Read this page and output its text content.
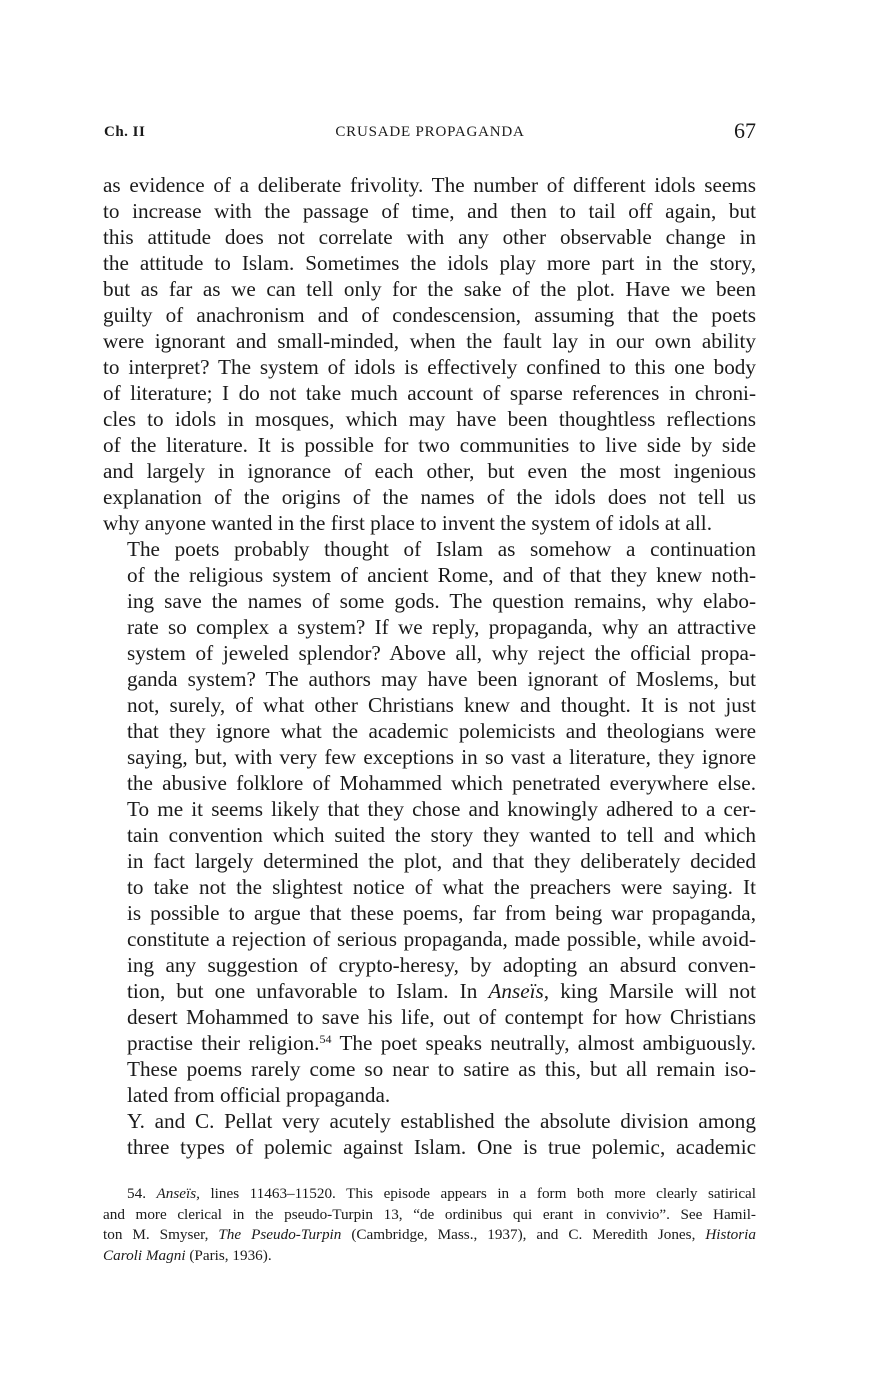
Ch. II	CRUSADE PROPAGANDA	67

as evidence of a deliberate frivolity. The number of different idols seems
to increase with the passage of time, and then to tail off again, but
this attitude does not correlate with any other observable change in
the attitude to Islam. Sometimes the idols play more part in the story,
but as far as we can tell only for the sake of the plot. Have we been
guilty of anachronism and of condescension, assuming that the poets
were ignorant and small-minded, when the fault lay in our own ability
to interpret? The system of idols is effectively confined to this one body
of literature; I do not take much account of sparse references in chroni-
cles to idols in mosques, which may have been thoughtless reflections
of the literature. It is possible for two communities to live side by side
and largely in ignorance of each other, but even the most ingenious
explanation of the origins of the names of the idols does not tell us
why anyone wanted in the first place to invent the system of idols at all.

The poets probably thought of Islam as somehow a continuation
of the religious system of ancient Rome, and of that they knew noth-
ing save the names of some gods. The question remains, why elabo-
rate so complex a system? If we reply, propaganda, why an attractive
system of jeweled splendor? Above all, why reject the official propa-
ganda system? The authors may have been ignorant of Moslems, but
not, surely, of what other Christians knew and thought. It is not just
that they ignore what the academic polemicists and theologians were
saying, but, with very few exceptions in so vast a literature, they ignore
the abusive folklore of Mohammed which penetrated everywhere else.
To me it seems likely that they chose and knowingly adhered to a cer-
tain convention which suited the story they wanted to tell and which
in fact largely determined the plot, and that they deliberately decided
to take not the slightest notice of what the preachers were saying. It
is possible to argue that these poems, far from being war propaganda,
constitute a rejection of serious propaganda, made possible, while avoid-
ing any suggestion of crypto-heresy, by adopting an absurd conven-
tion, but one unfavorable to Islam. In Anseïs, king Marsile will not
desert Mohammed to save his life, out of contempt for how Christians
practise their religion.$^{54}$ The poet speaks neutrally, almost ambiguously.
These poems rarely come so near to satire as this, but all remain iso-
lated from official propaganda.

Y. and C. Pellat very acutely established the absolute division among
three types of polemic against Islam. One is true polemic, academic

54. Anseïs, lines 11463–11520. This episode appears in a form both more clearly satirical
and more clerical in the pseudo-Turpin 13, “de ordinibus qui erant in convivio”. See Hamil-
ton M. Smyser, The Pseudo-Turpin (Cambridge, Mass., 1937), and C. Meredith Jones, Historia
Caroli Magni (Paris, 1936).
